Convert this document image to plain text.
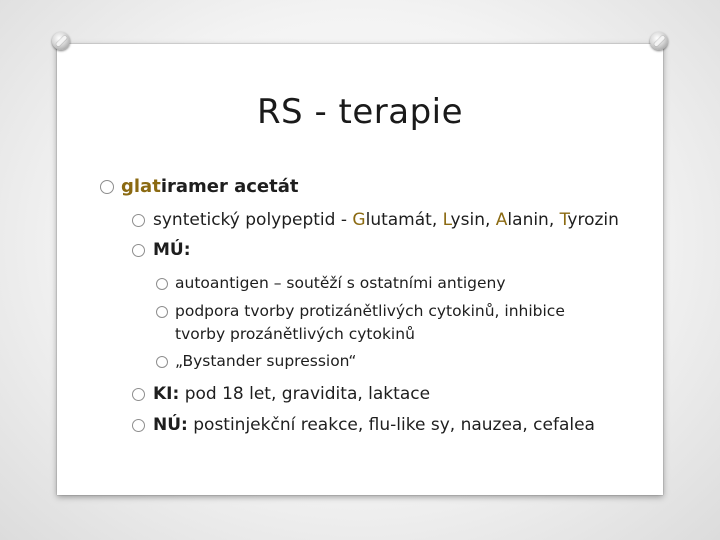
RS - terapie
glatiramer acetát
syntetický polypeptid - Glutamát, Lysin, Alanin, Tyrozin
MÚ:
autoantigen – soutěží s ostatními antigeny
podpora tvorby protizánětlivých cytokinů, inhibice
tvorby prozánětlivých cytokinů
„Bystander supression“
KI: pod 18 let, gravidita, laktace
NÚ: postinjekční reakce, flu-like sy, nauzea, cefalea
